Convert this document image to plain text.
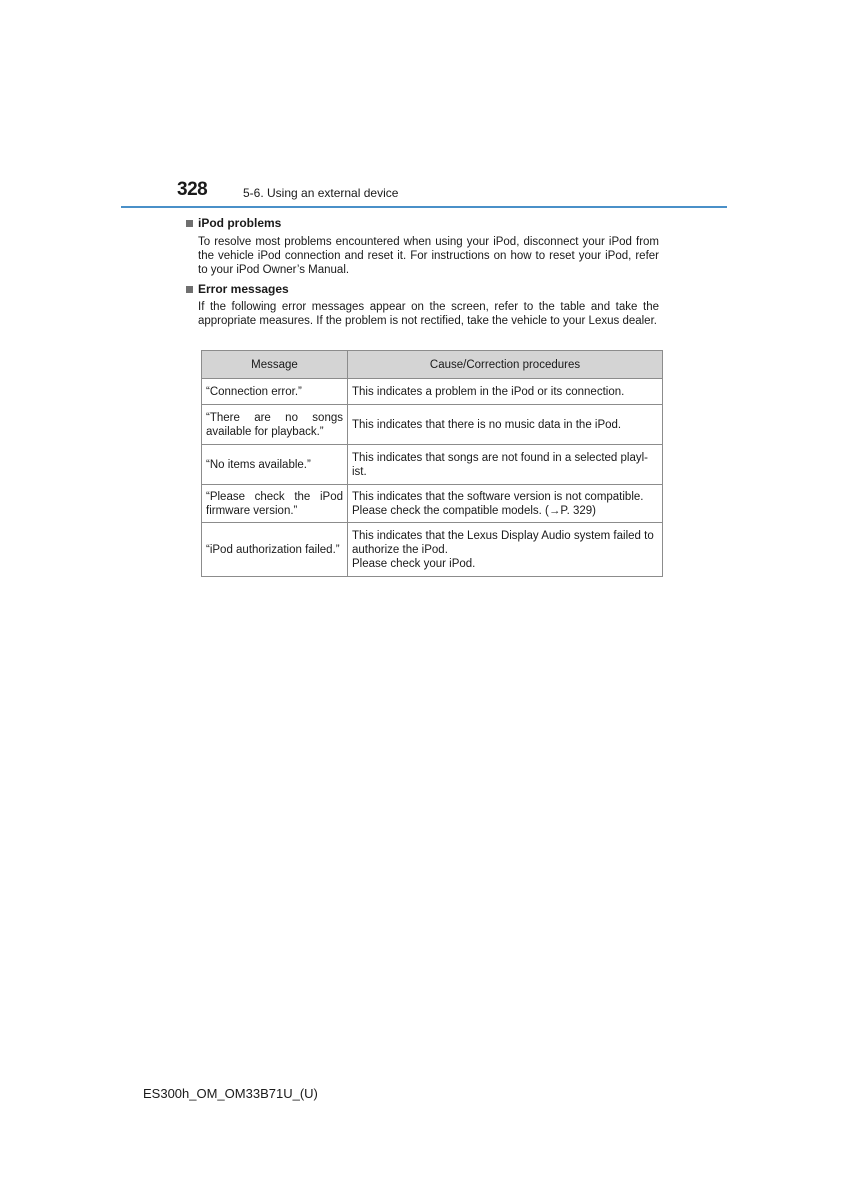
328	5-6. Using an external device
iPod problems
To resolve most problems encountered when using your iPod, disconnect your iPod from the vehicle iPod connection and reset it. For instructions on how to reset your iPod, refer to your iPod Owner’s Manual.
Error messages
If the following error messages appear on the screen, refer to the table and take the appropriate measures. If the problem is not rectified, take the vehicle to your Lexus dealer.
Message	Cause/Correction procedures
“Connection error.”	This indicates a problem in the iPod or its connection.
“There are no songs available for playback.”	This indicates that there is no music data in the iPod.
“No items available.”	This indicates that songs are not found in a selected playl-ist.
“Please check the iPod firmware version.”	This indicates that the software version is not compatible. Please check the compatible models. (→P. 329)
“iPod authorization failed.”	This indicates that the Lexus Display Audio system failed to authorize the iPod.
Please check your iPod.
ES300h_OM_OM33B71U_(U)
